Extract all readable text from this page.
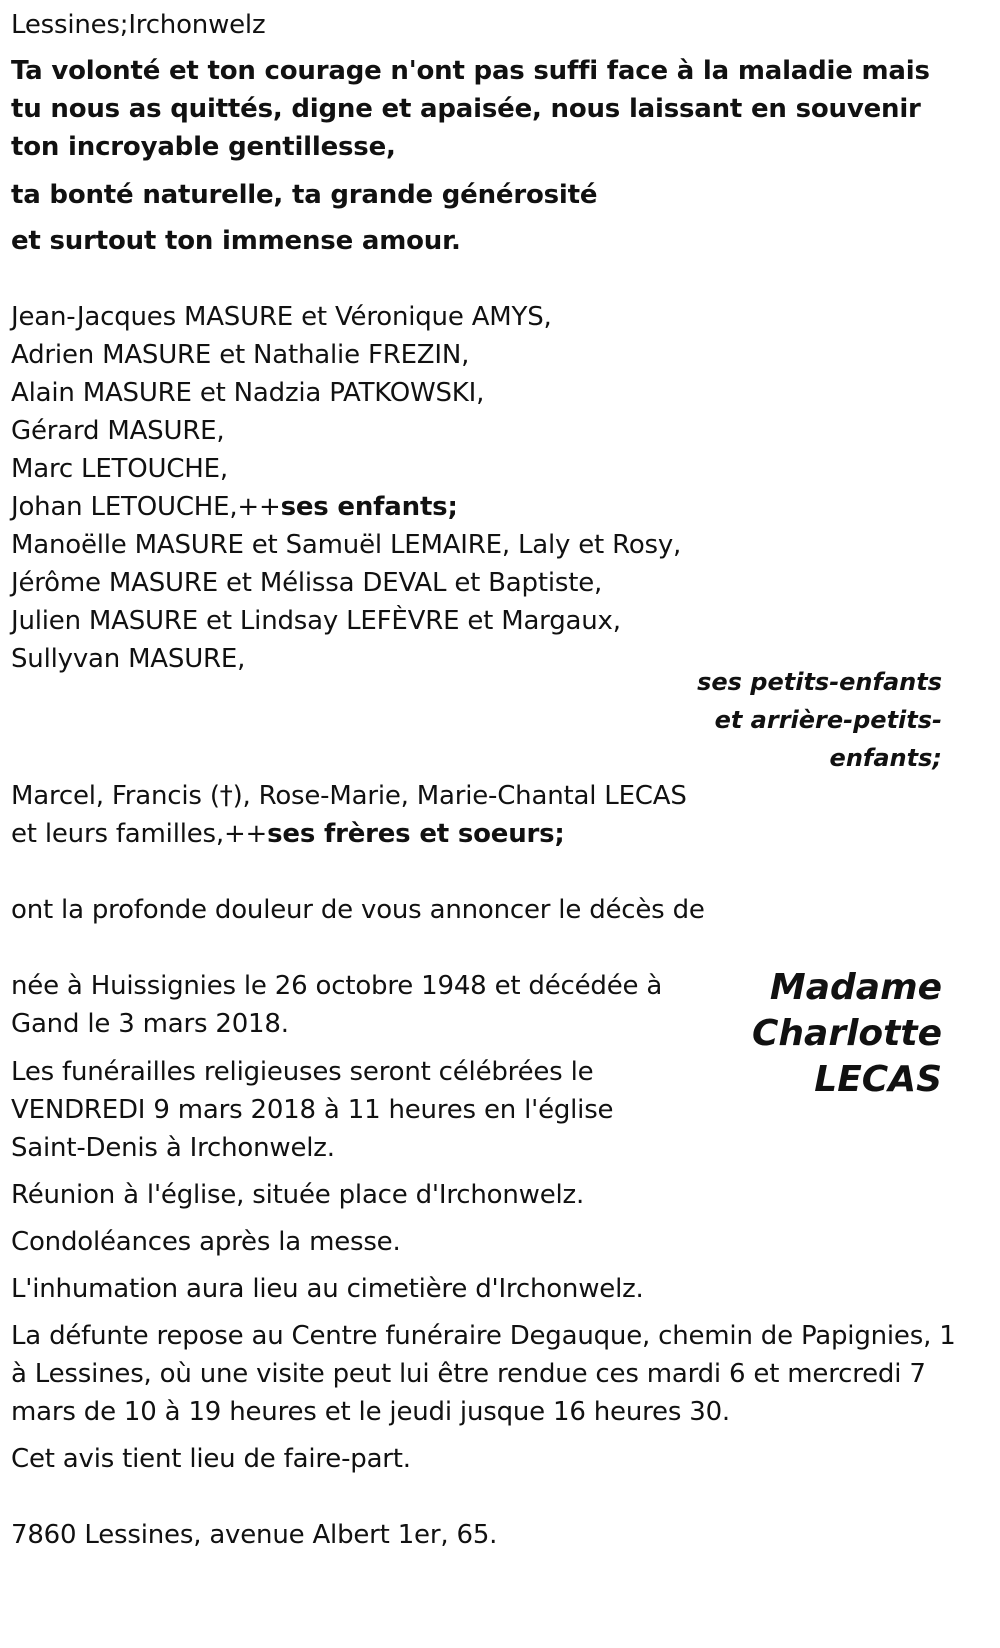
Lessines;Irchonwelz
Ta volonté et ton courage n'ont pas suffi face à la maladie mais tu nous as quittés, digne et apaisée, nous laissant en souvenir ton incroyable gentillesse,
ta bonté naturelle, ta grande générosité
et surtout ton immense amour.
Jean-Jacques MASURE et Véronique AMYS,
Adrien MASURE et Nathalie FREZIN,
Alain MASURE et Nadzia PATKOWSKI,
Gérard MASURE,
Marc LETOUCHE,
Johan LETOUCHE,++ses enfants;
Manoëlle MASURE et Samuël LEMAIRE, Laly et Rosy,
Jérôme MASURE et Mélissa DEVAL et Baptiste,
Julien MASURE et Lindsay LEFÈVRE et Margaux,
Sullyvan MASURE,
ses petits-enfants
et arrière-petits-
enfants;
Marcel, Francis (†), Rose-Marie, Marie-Chantal LECAS
et leurs familles,++ses frères et soeurs;
ont la profonde douleur de vous annoncer le décès de
Madame
Charlotte
LECAS
née à Huissignies le 26 octobre 1948 et décédée à
Gand le 3 mars 2018.
Les funérailles religieuses seront célébrées le
VENDREDI 9 mars 2018 à 11 heures en l'église
Saint-Denis à Irchonwelz.
Réunion à l'église, située place d'Irchonwelz.
Condoléances après la messe.
L'inhumation aura lieu au cimetière d'Irchonwelz.
La défunte repose au Centre funéraire Degauque, chemin de Papignies, 1
à Lessines, où une visite peut lui être rendue ces mardi 6 et mercredi 7
mars de 10 à 19 heures et le jeudi jusque 16 heures 30.
Cet avis tient lieu de faire-part.
7860 Lessines, avenue Albert 1er, 65.
